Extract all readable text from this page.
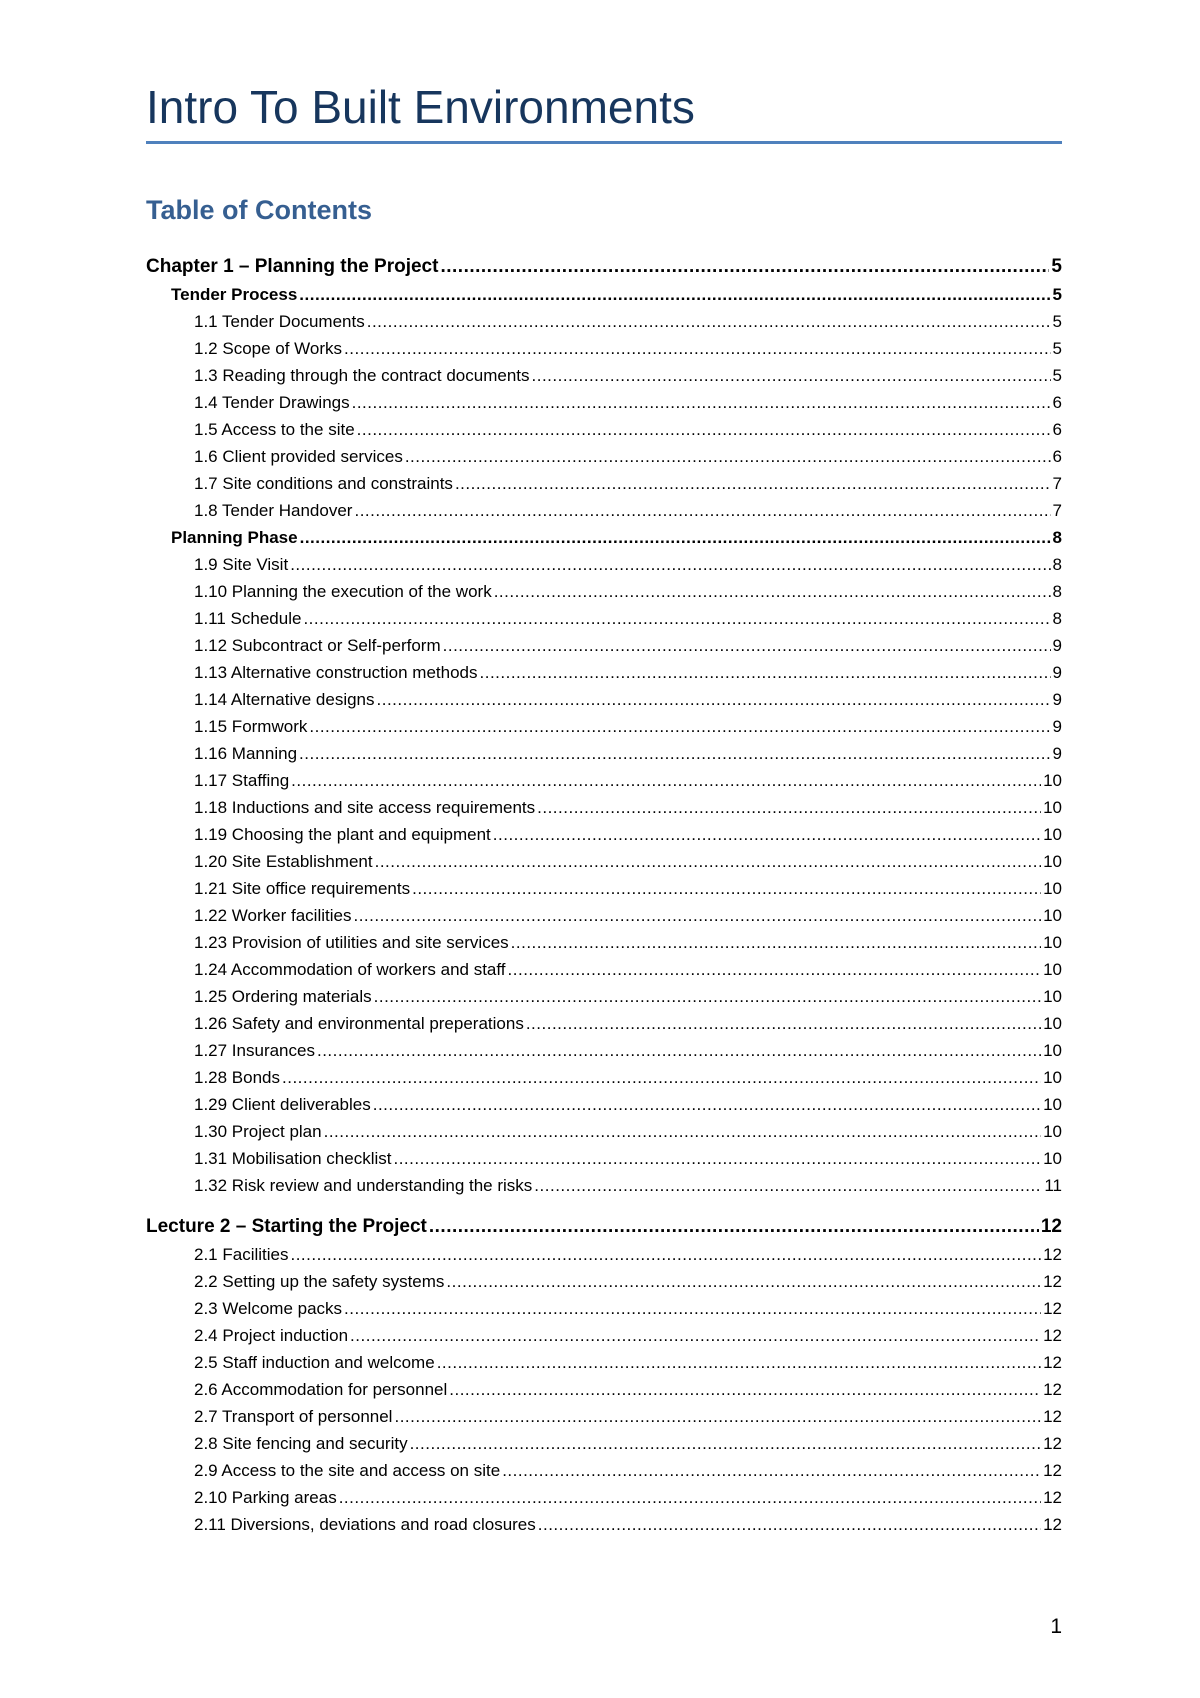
Intro To Built Environments
Table of Contents
Chapter 1 – Planning the Project .....	5
Tender Process .....	5
1.1 Tender Documents .....	5
1.2 Scope of Works .....	5
1.3 Reading through the contract documents .....	5
1.4 Tender Drawings .....	6
1.5 Access to the site .....	6
1.6 Client provided services .....	6
1.7 Site conditions and constraints .....	7
1.8 Tender Handover .....	7
Planning Phase .....	8
1.9 Site Visit .....	8
1.10 Planning the execution of the work .....	8
1.11 Schedule .....	8
1.12 Subcontract or Self-perform .....	9
1.13 Alternative construction methods .....	9
1.14 Alternative designs .....	9
1.15 Formwork .....	9
1.16 Manning .....	9
1.17 Staffing .....	10
1.18 Inductions and site access requirements .....	10
1.19 Choosing the plant and equipment .....	10
1.20 Site Establishment .....	10
1.21 Site office requirements .....	10
1.22 Worker facilities .....	10
1.23 Provision of utilities and site services .....	10
1.24 Accommodation of workers and staff .....	10
1.25 Ordering materials .....	10
1.26 Safety and environmental preperations .....	10
1.27 Insurances .....	10
1.28 Bonds .....	10
1.29 Client deliverables .....	10
1.30 Project plan .....	10
1.31 Mobilisation checklist .....	10
1.32 Risk review and understanding the risks .....	11
Lecture 2 – Starting the Project .....	12
2.1 Facilities .....	12
2.2 Setting up the safety systems .....	12
2.3 Welcome packs .....	12
2.4 Project induction .....	12
2.5 Staff induction and welcome .....	12
2.6 Accommodation for personnel .....	12
2.7 Transport of personnel .....	12
2.8 Site fencing and security .....	12
2.9 Access to the site and access on site .....	12
2.10 Parking areas .....	12
2.11 Diversions, deviations and road closures .....	12
1
